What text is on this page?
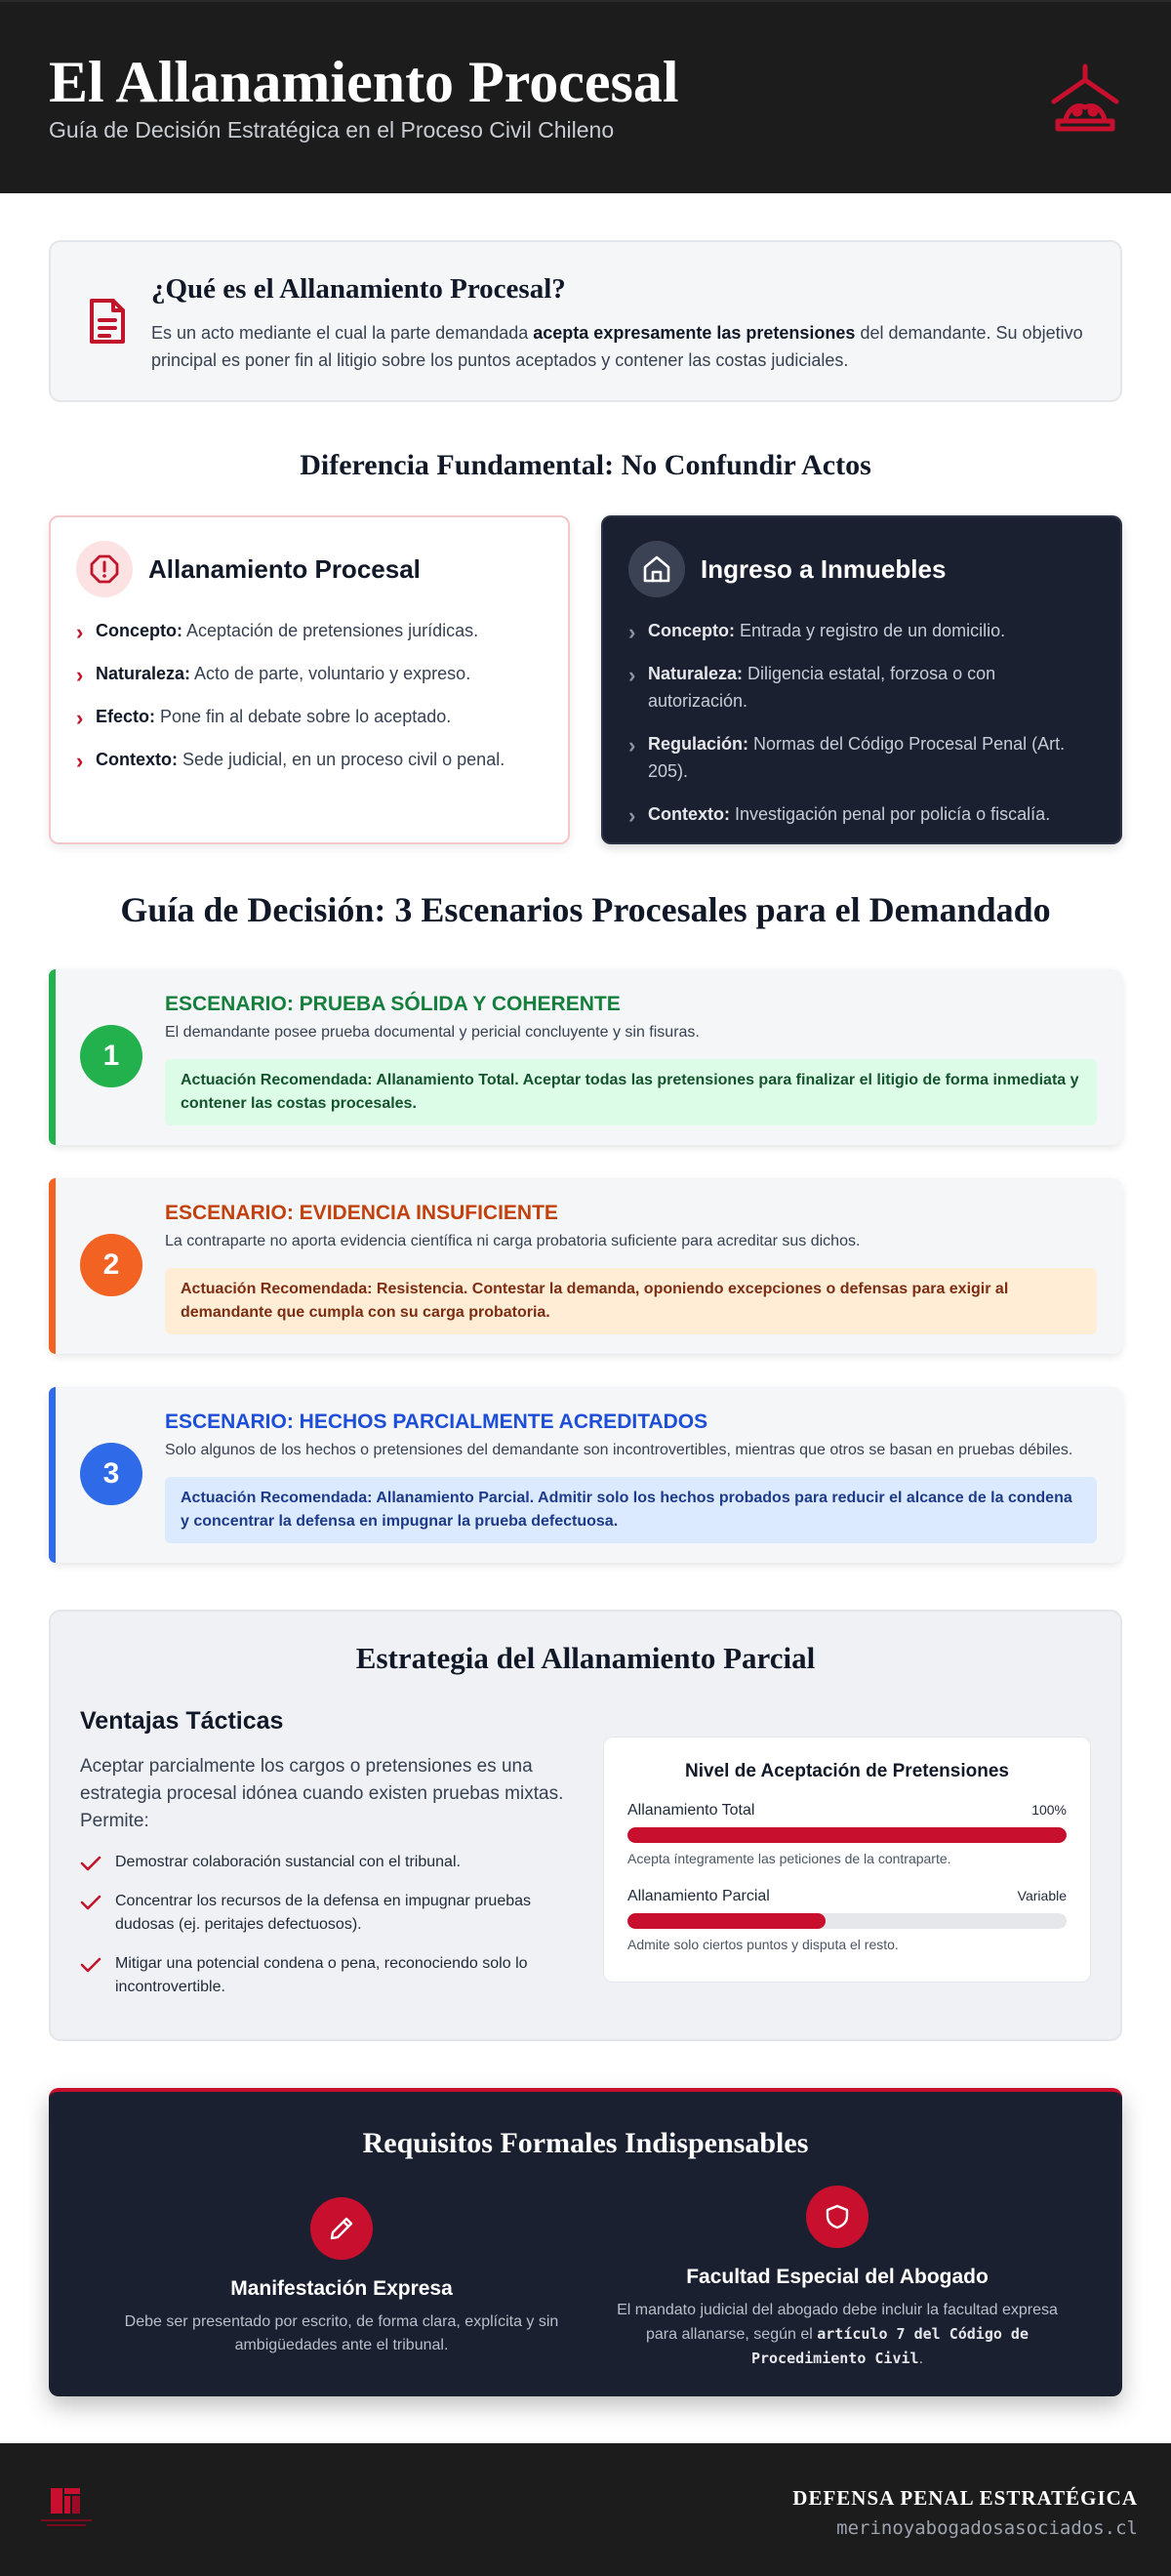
El Allanamiento Procesal
Guía de Decisión Estratégica en el Proceso Civil Chileno
¿Qué es el Allanamiento Procesal?

Es un acto mediante el cual la parte demandada acepta expresamente las pretensiones del demandante. Su objetivo principal es poner fin al litigio sobre los puntos aceptados y contener las costas judiciales.

Diferencia Fundamental: No Confundir Actos
Allanamiento Procesal
› Concepto: Aceptación de pretensiones jurídicas.
› Naturaleza: Acto de parte, voluntario y expreso.
› Efecto: Pone fin al debate sobre lo aceptado.
› Contexto: Sede judicial, en un proceso civil o penal.
Ingreso a Inmuebles
› Concepto: Entrada y registro de un domicilio.
› Naturaleza: Diligencia estatal, forzosa o con autorización.
› Regulación: Normas del Código Procesal Penal (Art. 205).
› Contexto: Investigación penal por policía o fiscalía.
Guía de Decisión: 3 Escenarios Procesales para el Demandado
1
ESCENARIO: PRUEBA SÓLIDA Y COHERENTE
El demandante posee prueba documental y pericial concluyente y sin fisuras.
Actuación Recomendada: Allanamiento Total. Aceptar todas las pretensiones para finalizar el litigio de forma inmediata y contener las costas procesales.
2
ESCENARIO: EVIDENCIA INSUFICIENTE
La contraparte no aporta evidencia científica ni carga probatoria suficiente para acreditar sus dichos.
Actuación Recomendada: Resistencia. Contestar la demanda, oponiendo excepciones o defensas para exigir al demandante que cumpla con su carga probatoria.
3
ESCENARIO: HECHOS PARCIALMENTE ACREDITADOS
Solo algunos de los hechos o pretensiones del demandante son incontrovertibles, mientras que otros se basan en pruebas débiles.
Actuación Recomendada: Allanamiento Parcial. Admitir solo los hechos probados para reducir el alcance de la condena y concentrar la defensa en impugnar la prueba defectuosa.
Estrategia del Allanamiento Parcial
Ventajas Tácticas

Aceptar parcialmente los cargos o pretensiones es una estrategia procesal idónea cuando existen pruebas mixtas. Permite:

Demostrar colaboración sustancial con el tribunal.
Concentrar los recursos de la defensa en impugnar pruebas dudosas (ej. peritajes defectuosos).
Mitigar una potencial condena o pena, reconociendo solo lo incontrovertible.
Nivel de Aceptación de Pretensiones
Allanamiento Total	100%
Acepta íntegramente las peticiones de la contraparte.
Allanamiento Parcial	Variable
Admite solo ciertos puntos y disputa el resto.
Requisitos Formales Indispensables
Manifestación Expresa
Debe ser presentado por escrito, de forma clara, explícita y sin ambigüedades ante el tribunal.
Facultad Especial del Abogado
El mandato judicial del abogado debe incluir la facultad expresa para allanarse, según el artículo 7 del Código de Procedimiento Civil.
DEFENSA PENAL ESTRATÉGICA
merinoyabogadosasociados.cl
